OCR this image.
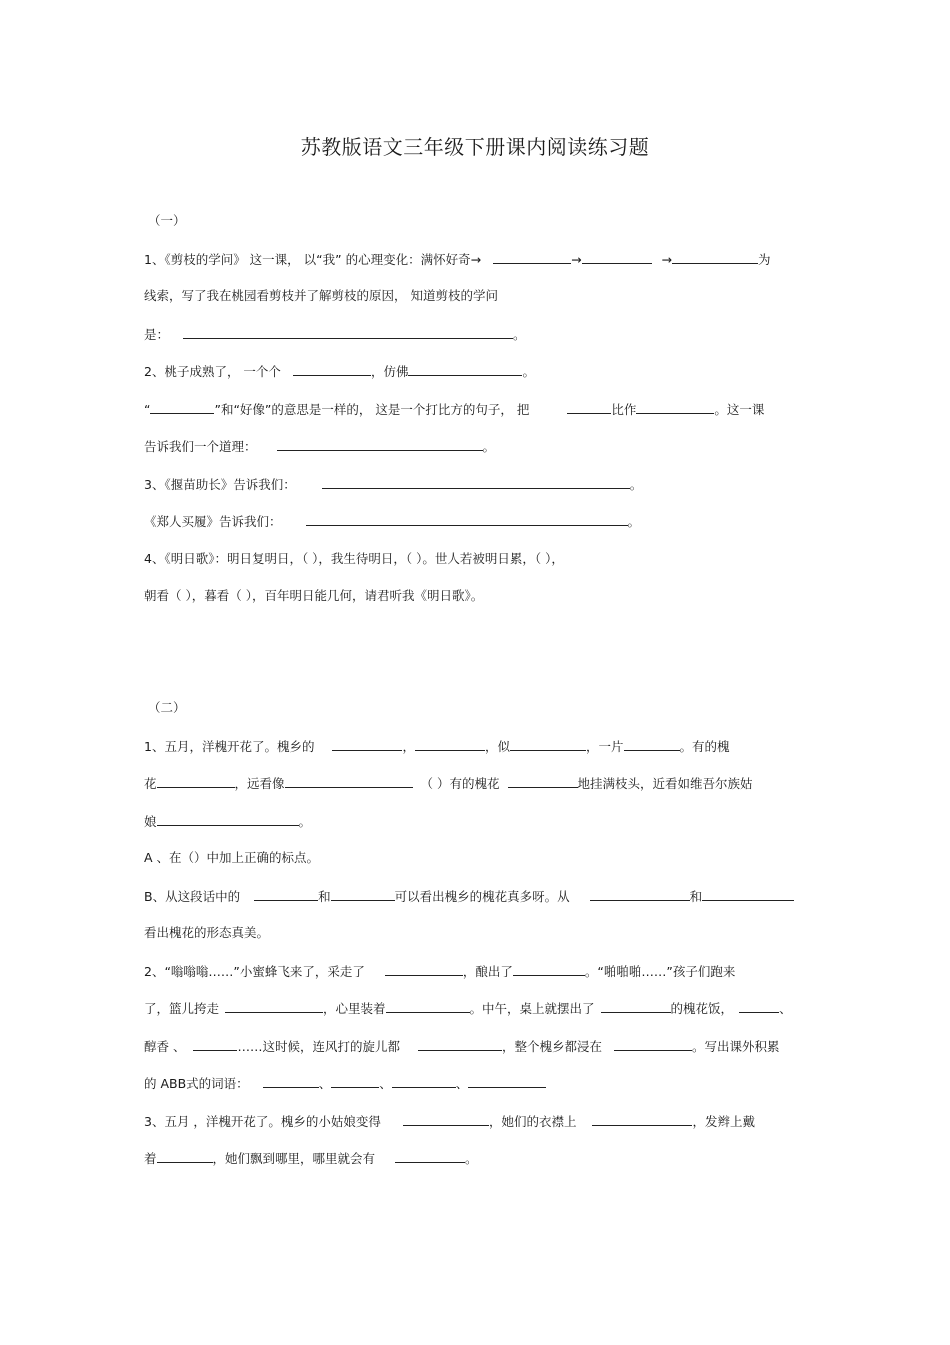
苏教版语文三年级下册课内阅读练习题
（一）
1、《剪枝的学问》 这一课， 以“我” 的心理变化：满怀好奇→	→	→	为
线索，写了我在桃园看剪枝并了解剪枝的原因， 知道剪枝的学问
是：	。
2、桃子成熟了， 一个个	，仿佛	。
“	”和“好像”的意思是一样的， 这是一个打比方的句子， 把	比作	。这一课
告诉我们一个道理：	。
3、《揠苗助长》告诉我们：	。
《郑人买履》告诉我们：	。
4、《明日歌》：明日复明日，（ ），我生待明日，（ ）。世人若被明日累，（ ），
朝看（ ），暮看（ ），百年明日能几何，请君听我《明日歌》。
（二）
1、五月，洋槐开花了。槐乡的	，	，似	，一片	。有的槐
花	，远看像	（ ）有的槐花	地挂满枝头，近看如维吾尔族姑
娘	。
A 、在（）中加上正确的标点。
B、从这段话中的	和	可以看出槐乡的槐花真多呀。从	和
看出槐花的形态真美。
2、“嗡嗡嗡……”小蜜蜂飞来了，采走了	，酿出了	。“啪啪啪……”孩子们跑来
了，篮儿挎走	，心里装着	。中午，桌上就摆出了	的槐花饭，	、
醇香 、	……这时候，连风打的旋儿都	，整个槐乡都浸在	。写出课外积累
的 ABB式的词语：	、	、	、
3、五月 ，洋槐开花了。槐乡的小姑娘变得	，她们的衣襟上	，发辫上戴
着	，她们飘到哪里，哪里就会有	。
